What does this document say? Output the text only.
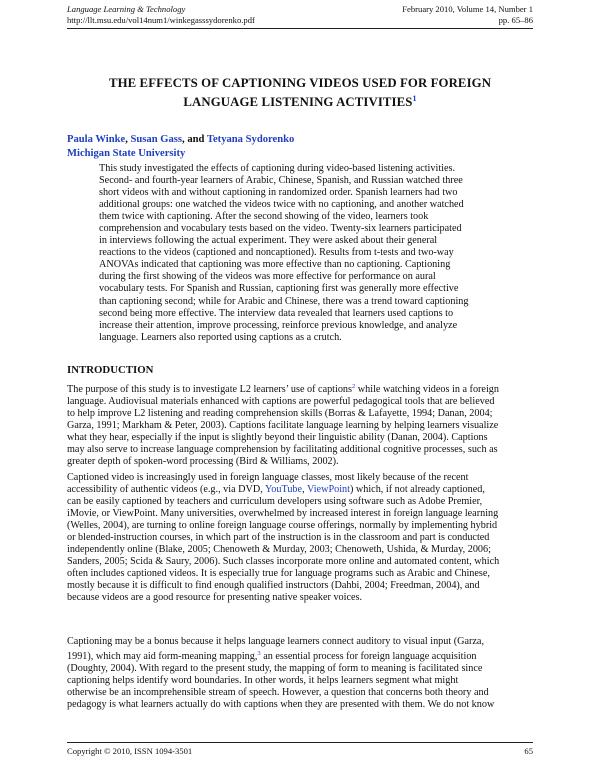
Language Learning & Technology	February 2010, Volume 14, Number 1
http://llt.msu.edu/vol14num1/winkegasssydorenko.pdf	pp. 65–86
THE EFFECTS OF CAPTIONING VIDEOS USED FOR FOREIGN
LANGUAGE LISTENING ACTIVITIES$^1$
Paula Winke, Susan Gass, and Tetyana Sydorenko
Michigan State University
This study investigated the effects of captioning during video-based listening activities.
Second- and fourth-year learners of Arabic, Chinese, Spanish, and Russian watched three
short videos with and without captioning in randomized order. Spanish learners had two
additional groups: one watched the videos twice with no captioning, and another watched
them twice with captioning. After the second showing of the video, learners took
comprehension and vocabulary tests based on the video. Twenty-six learners participated
in interviews following the actual experiment. They were asked about their general
reactions to the videos (captioned and noncaptioned). Results from t-tests and two-way
ANOVAs indicated that captioning was more effective than no captioning. Captioning
during the first showing of the videos was more effective for performance on aural
vocabulary tests. For Spanish and Russian, captioning first was generally more effective
than captioning second; while for Arabic and Chinese, there was a trend toward captioning
second being more effective. The interview data revealed that learners used captions to
increase their attention, improve processing, reinforce previous knowledge, and analyze
language. Learners also reported using captions as a crutch.
INTRODUCTION
The purpose of this study is to investigate L2 learners’ use of captions$^2$ while watching videos in a foreign
language. Audiovisual materials enhanced with captions are powerful pedagogical tools that are believed
to help improve L2 listening and reading comprehension skills (Borras & Lafayette, 1994; Danan, 2004;
Garza, 1991; Markham & Peter, 2003). Captions facilitate language learning by helping learners visualize
what they hear, especially if the input is slightly beyond their linguistic ability (Danan, 2004). Captions
may also serve to increase language comprehension by facilitating additional cognitive processes, such as
greater depth of spoken-word processing (Bird & Williams, 2002).
Captioned video is increasingly used in foreign language classes, most likely because of the recent
accessibility of authentic videos (e.g., via DVD, YouTube, ViewPoint) which, if not already captioned,
can be easily captioned by teachers and curriculum developers using software such as Adobe Premier,
iMovie, or ViewPoint. Many universities, overwhelmed by increased interest in foreign language learning
(Welles, 2004), are turning to online foreign language course offerings, normally by implementing hybrid
or blended-instruction courses, in which part of the instruction is in the classroom and part is conducted
independently online (Blake, 2005; Chenoweth & Murday, 2003; Chenoweth, Ushida, & Murday, 2006;
Sanders, 2005; Scida & Saury, 2006). Such classes incorporate more online and automated content, which
often includes captioned videos. It is especially true for language programs such as Arabic and Chinese,
mostly because it is difficult to find enough qualified instructors (Dahbi, 2004; Freedman, 2004), and
because videos are a good resource for presenting native speaker voices.
Captioning may be a bonus because it helps language learners connect auditory to visual input (Garza,
1991), which may aid form-meaning mapping,$^3$ an essential process for foreign language acquisition
(Doughty, 2004). With regard to the present study, the mapping of form to meaning is facilitated since
captioning helps identify word boundaries. In other words, it helps learners segment what might
otherwise be an incomprehensible stream of speech. However, a question that concerns both theory and
pedagogy is what learners actually do with captions when they are presented with them. We do not know
Copyright © 2010, ISSN 1094-3501	65
